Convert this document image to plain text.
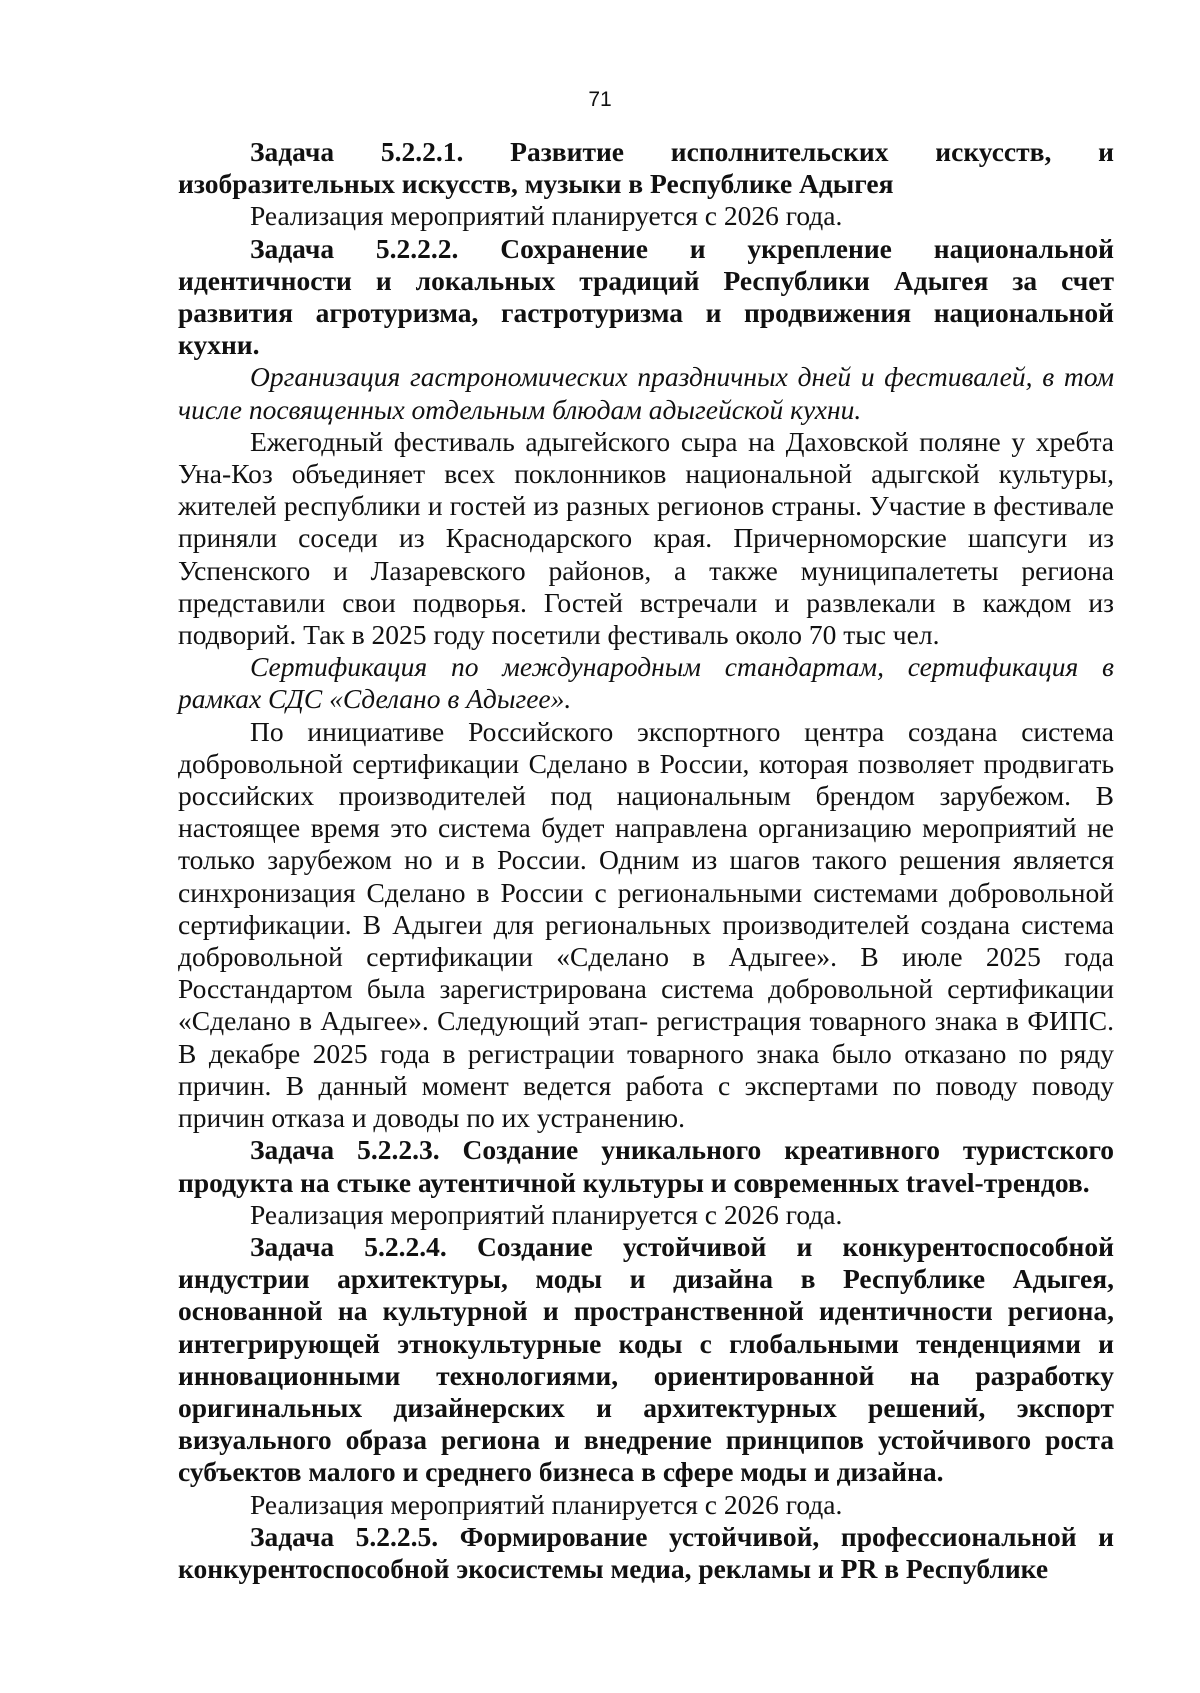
71

Задача 5.2.2.1. Развитие исполнительских искусств, и изобразительных искусств, музыки в Республике Адыгея

Реализация мероприятий планируется с 2026 года.

Задача 5.2.2.2. Сохранение и укрепление национальной идентичности и локальных традиций Республики Адыгея за счет развития агротуризма, гастротуризма и продвижения национальной кухни.

Организация гастрономических праздничных дней и фестивалей, в том числе посвященных отдельным блюдам адыгейской кухни.

Ежегодный фестиваль адыгейского сыра на Даховской поляне у хребта Уна-Коз объединяет всех поклонников национальной адыгской культуры, жителей республики и гостей из разных регионов страны. Участие в фестивале приняли соседи из Краснодарского края. Причерноморские шапсуги из Успенского и Лазаревского районов, а также муниципалететы региона представили свои подворья. Гостей встречали и развлекали в каждом из подворий. Так в 2025 году посетили фестиваль около 70 тыс чел.

Сертификация по международным стандартам, сертификация в рамках СДС «Сделано в Адыгее».

По инициативе Российского экспортного центра создана система добровольной сертификации Сделано в России, которая позволяет продвигать российских производителей под национальным брендом зарубежом. В настоящее время это система будет направлена организацию мероприятий не только зарубежом но и в России. Одним из шагов такого решения является синхронизация Сделано в России с региональными системами добровольной сертификации. В Адыгеи для региональных производителей создана система добровольной сертификации «Сделано в Адыгее». В июле 2025 года Росстандартом была зарегистрирована система добровольной сертификации «Сделано в Адыгее». Следующий этап- регистрация товарного знака в ФИПС. В декабре 2025 года в регистрации товарного знака было отказано по ряду причин. В данный момент ведется работа с экспертами по поводу поводу причин отказа и доводы по их устранению.

Задача 5.2.2.3. Создание уникального креативного туристского продукта на стыке аутентичной культуры и современных travel-трендов.

Реализация мероприятий планируется с 2026 года.

Задача 5.2.2.4. Создание устойчивой и конкурентоспособной индустрии архитектуры, моды и дизайна в Республике Адыгея, основанной на культурной и пространственной идентичности региона, интегрирующей этнокультурные коды с глобальными тенденциями и инновационными технологиями, ориентированной на разработку оригинальных дизайнерских и архитектурных решений, экспорт визуального образа региона и внедрение принципов устойчивого роста субъектов малого и среднего бизнеса в сфере моды и дизайна.

Реализация мероприятий планируется с 2026 года.

Задача 5.2.2.5. Формирование устойчивой, профессиональной и конкурентоспособной экосистемы медиа, рекламы и PR в Республике
